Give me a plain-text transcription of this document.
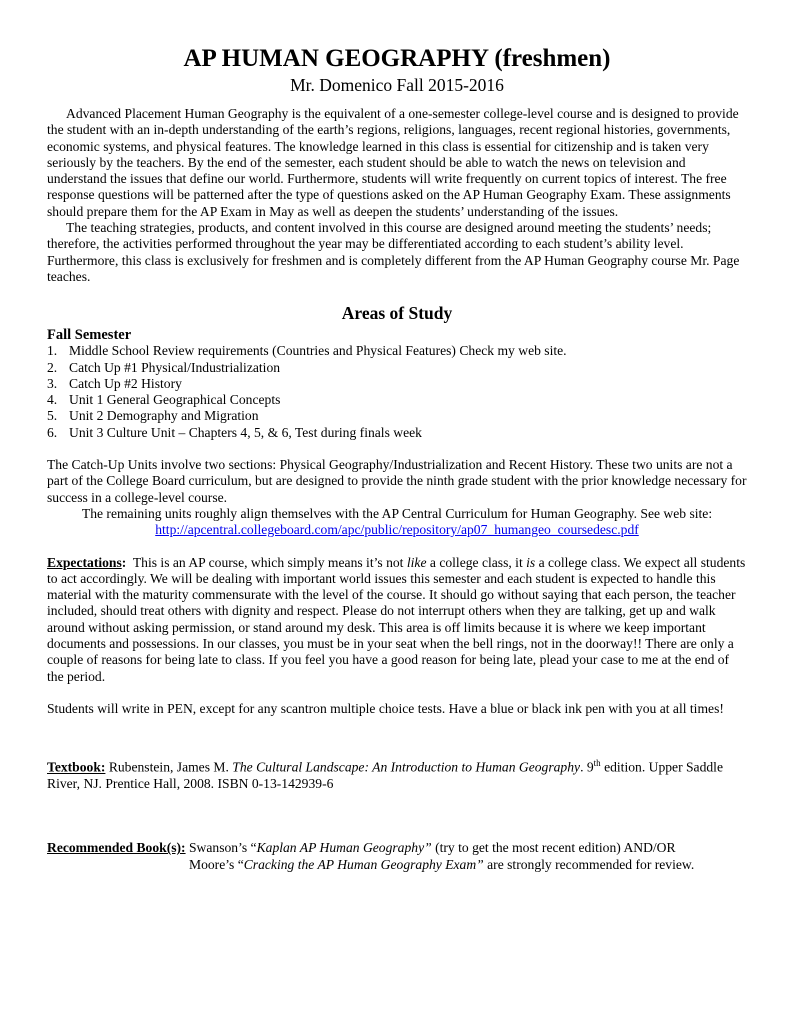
AP HUMAN GEOGRAPHY (freshmen)
Mr. Domenico Fall 2015-2016

Advanced Placement Human Geography is the equivalent of a one-semester college-level course and is designed to provide the student with an in-depth understanding of the earth’s regions, religions, languages, recent regional histories, governments, economic systems, and physical features. The knowledge learned in this class is essential for citizenship and is taken very seriously by the teachers. By the end of the semester, each student should be able to watch the news on television and understand the issues that define our world. Furthermore, students will write frequently on current topics of interest. The free response questions will be patterned after the type of questions asked on the AP Human Geography Exam. These assignments should prepare them for the AP Exam in May as well as deepen the students’ understanding of the issues.

The teaching strategies, products, and content involved in this course are designed around meeting the students’ needs; therefore, the activities performed throughout the year may be differentiated according to each student’s ability level. Furthermore, this class is exclusively for freshmen and is completely different from the AP Human Geography course Mr. Page teaches.

Areas of Study
Fall Semester
1. Middle School Review requirements (Countries and Physical Features) Check my web site.
2. Catch Up #1 Physical/Industrialization
3. Catch Up #2 History
4. Unit 1 General Geographical Concepts
5. Unit 2 Demography and Migration
6. Unit 3 Culture Unit – Chapters 4, 5, & 6, Test during finals week

The Catch-Up Units involve two sections: Physical Geography/Industrialization and Recent History. These two units are not a part of the College Board curriculum, but are designed to provide the ninth grade student with the prior knowledge necessary for success in a college-level course.

The remaining units roughly align themselves with the AP Central Curriculum for Human Geography. See web site:

http://apcentral.collegeboard.com/apc/public/repository/ap07_humangeo_coursedesc.pdf

Expectations:  This is an AP course, which simply means it’s not like a college class, it is a college class. We expect all students to act accordingly. We will be dealing with important world issues this semester and each student is expected to handle this material with the maturity commensurate with the level of the course. It should go without saying that each person, the teacher included, should treat others with dignity and respect. Please do not interrupt others when they are talking, get up and walk around without asking permission, or stand around my desk. This area is off limits because it is where we keep important documents and possessions. In our classes, you must be in your seat when the bell rings, not in the doorway!! There are only a couple of reasons for being late to class. If you feel you have a good reason for being late, plead your case to me at the end of the period.

Students will write in PEN, except for any scantron multiple choice tests. Have a blue or black ink pen with you at all times!

Textbook: Rubenstein, James M. The Cultural Landscape: An Introduction to Human Geography. 9th edition. Upper Saddle River, NJ. Prentice Hall, 2008. ISBN 0-13-142939-6

Recommended Book(s): Swanson’s “Kaplan AP Human Geography” (try to get the most recent edition) AND/OR
Moore’s “Cracking the AP Human Geography Exam” are strongly recommended for review.
